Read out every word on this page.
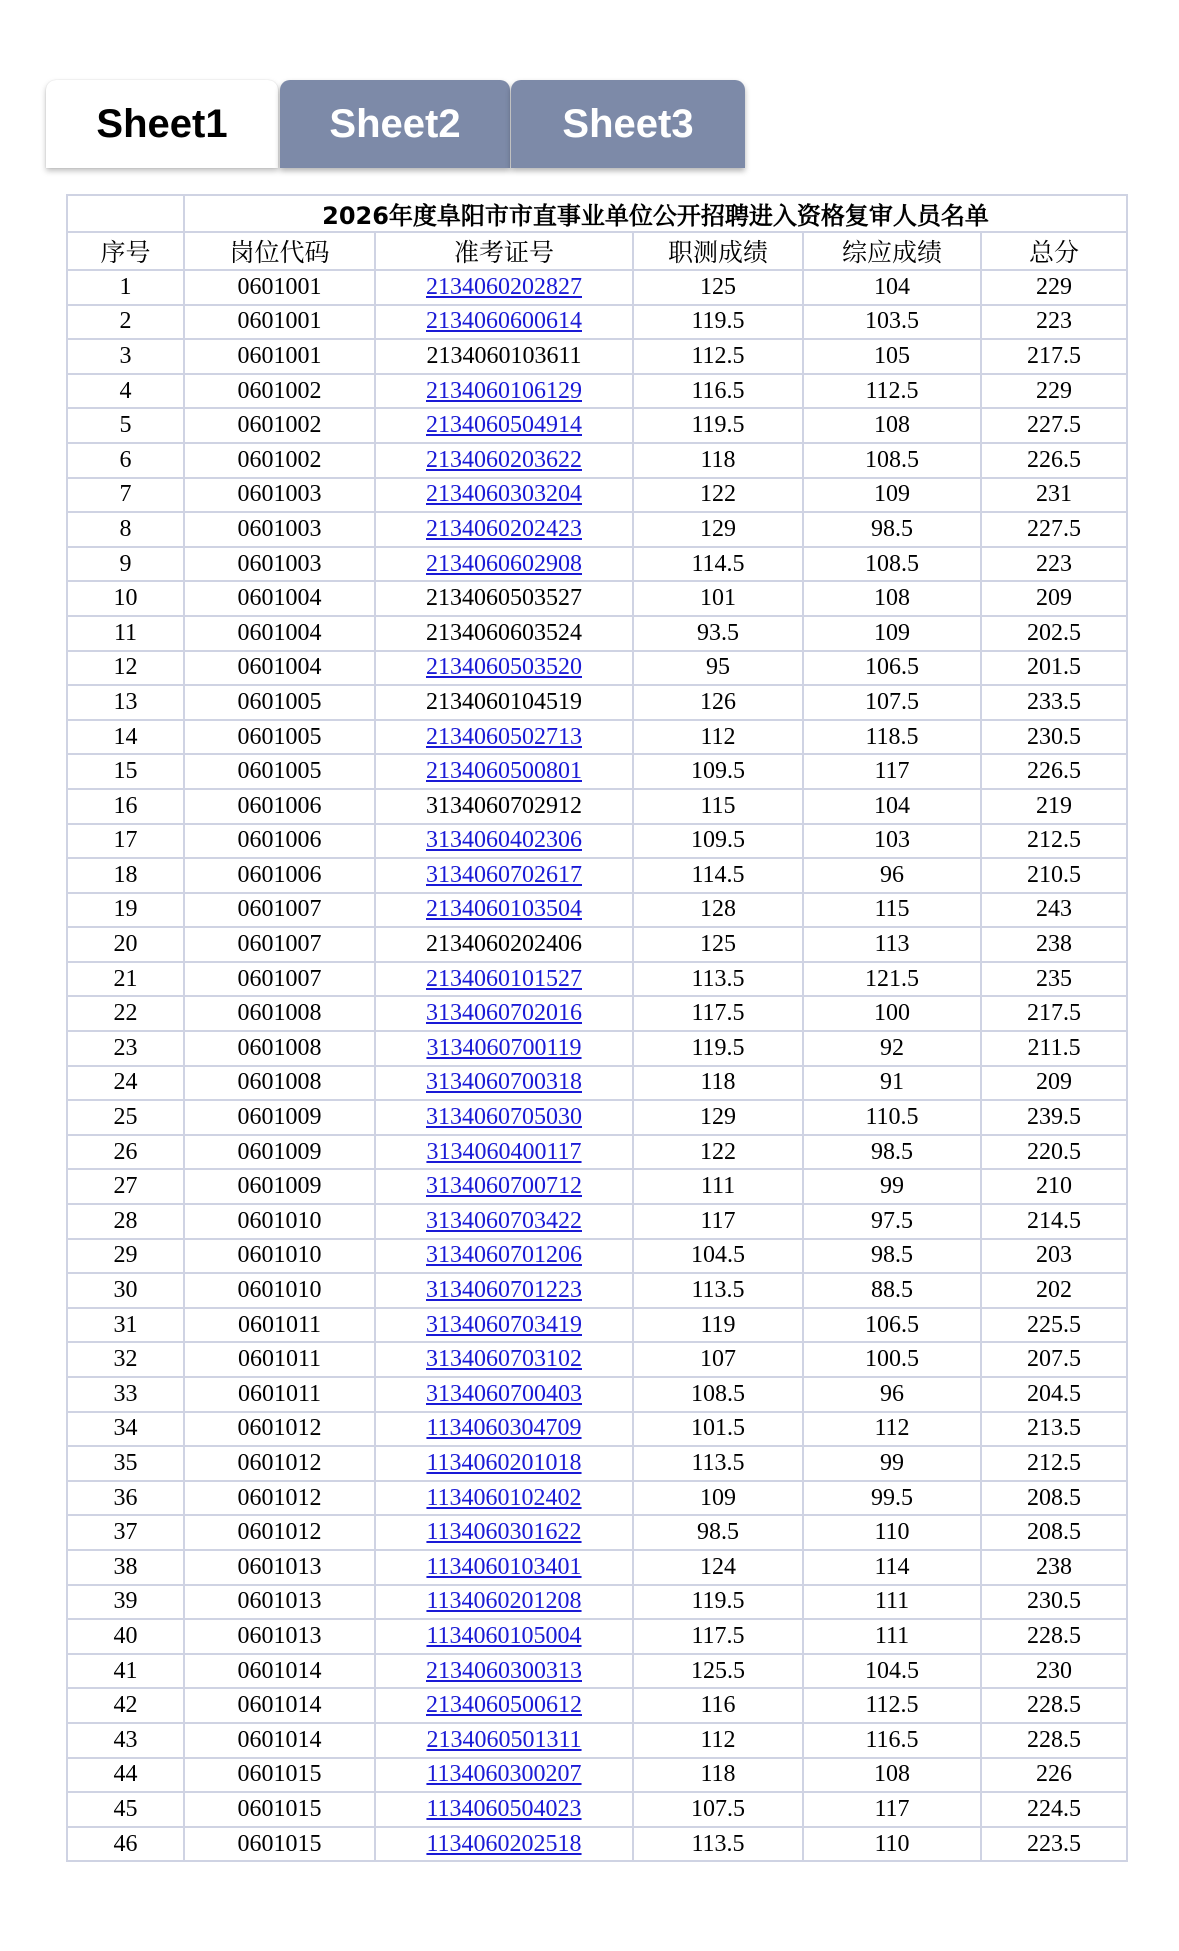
Sheet1	Sheet2	Sheet3
	2026年度阜阳市市直事业单位公开招聘进入资格复审人员名单				
序号	岗位代码	准考证号	职测成绩	综应成绩	总分
1	0601001	2134060202827	125	104	229
2	0601001	2134060600614	119.5	103.5	223
3	0601001	2134060103611	112.5	105	217.5
4	0601002	2134060106129	116.5	112.5	229
5	0601002	2134060504914	119.5	108	227.5
6	0601002	2134060203622	118	108.5	226.5
7	0601003	2134060303204	122	109	231
8	0601003	2134060202423	129	98.5	227.5
9	0601003	2134060602908	114.5	108.5	223
10	0601004	2134060503527	101	108	209
11	0601004	2134060603524	93.5	109	202.5
12	0601004	2134060503520	95	106.5	201.5
13	0601005	2134060104519	126	107.5	233.5
14	0601005	2134060502713	112	118.5	230.5
15	0601005	2134060500801	109.5	117	226.5
16	0601006	3134060702912	115	104	219
17	0601006	3134060402306	109.5	103	212.5
18	0601006	3134060702617	114.5	96	210.5
19	0601007	2134060103504	128	115	243
20	0601007	2134060202406	125	113	238
21	0601007	2134060101527	113.5	121.5	235
22	0601008	3134060702016	117.5	100	217.5
23	0601008	3134060700119	119.5	92	211.5
24	0601008	3134060700318	118	91	209
25	0601009	3134060705030	129	110.5	239.5
26	0601009	3134060400117	122	98.5	220.5
27	0601009	3134060700712	111	99	210
28	0601010	3134060703422	117	97.5	214.5
29	0601010	3134060701206	104.5	98.5	203
30	0601010	3134060701223	113.5	88.5	202
31	0601011	3134060703419	119	106.5	225.5
32	0601011	3134060703102	107	100.5	207.5
33	0601011	3134060700403	108.5	96	204.5
34	0601012	1134060304709	101.5	112	213.5
35	0601012	1134060201018	113.5	99	212.5
36	0601012	1134060102402	109	99.5	208.5
37	0601012	1134060301622	98.5	110	208.5
38	0601013	1134060103401	124	114	238
39	0601013	1134060201208	119.5	111	230.5
40	0601013	1134060105004	117.5	111	228.5
41	0601014	2134060300313	125.5	104.5	230
42	0601014	2134060500612	116	112.5	228.5
43	0601014	2134060501311	112	116.5	228.5
44	0601015	1134060300207	118	108	226
45	0601015	1134060504023	107.5	117	224.5
46	0601015	1134060202518	113.5	110	223.5
